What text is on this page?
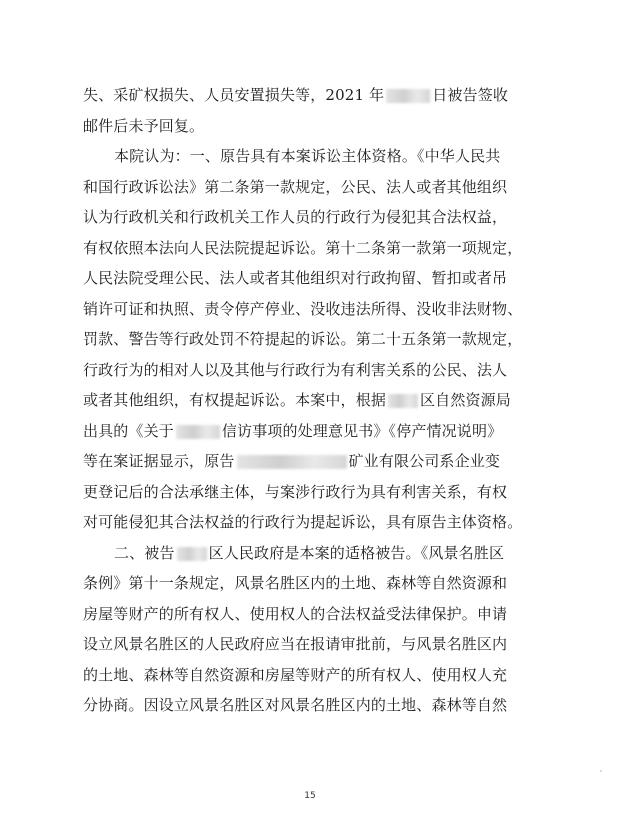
失、采矿权损失、人员安置损失等，2021 年	日被告签收
邮件后未予回复。
本院认为：一、原告具有本案诉讼主体资格。《中华人民共
和国行政诉讼法》第二条第一款规定，公民、法人或者其他组织
认为行政机关和行政机关工作人员的行政行为侵犯其合法权益，
有权依照本法向人民法院提起诉讼。第十二条第一款第一项规定，
人民法院受理公民、法人或者其他组织对行政拘留、暂扣或者吊
销许可证和执照、责令停产停业、没收违法所得、没收非法财物、
罚款、警告等行政处罚不符提起的诉讼。第二十五条第一款规定，
行政行为的相对人以及其他与行政行为有利害关系的公民、法人
或者其他组织，有权提起诉讼。本案中，根据 区自然资源局
出具的《关于	信访事项的处理意见书》《停产情况说明》
等在案证据显示，原告	矿业有限公司系企业变
更登记后的合法承继主体，与案涉行政行为具有利害关系，有权
对可能侵犯其合法权益的行政行为提起诉讼，具有原告主体资格。
二、被告 区人民政府是本案的适格被告。《风景名胜区
条例》第十一条规定，风景名胜区内的土地、森林等自然资源和
房屋等财产的所有权人、使用权人的合法权益受法律保护。申请
设立风景名胜区的人民政府应当在报请审批前，与风景名胜区内
的土地、森林等自然资源和房屋等财产的所有权人、使用权人充
分协商。因设立风景名胜区对风景名胜区内的土地、森林等自然
15
